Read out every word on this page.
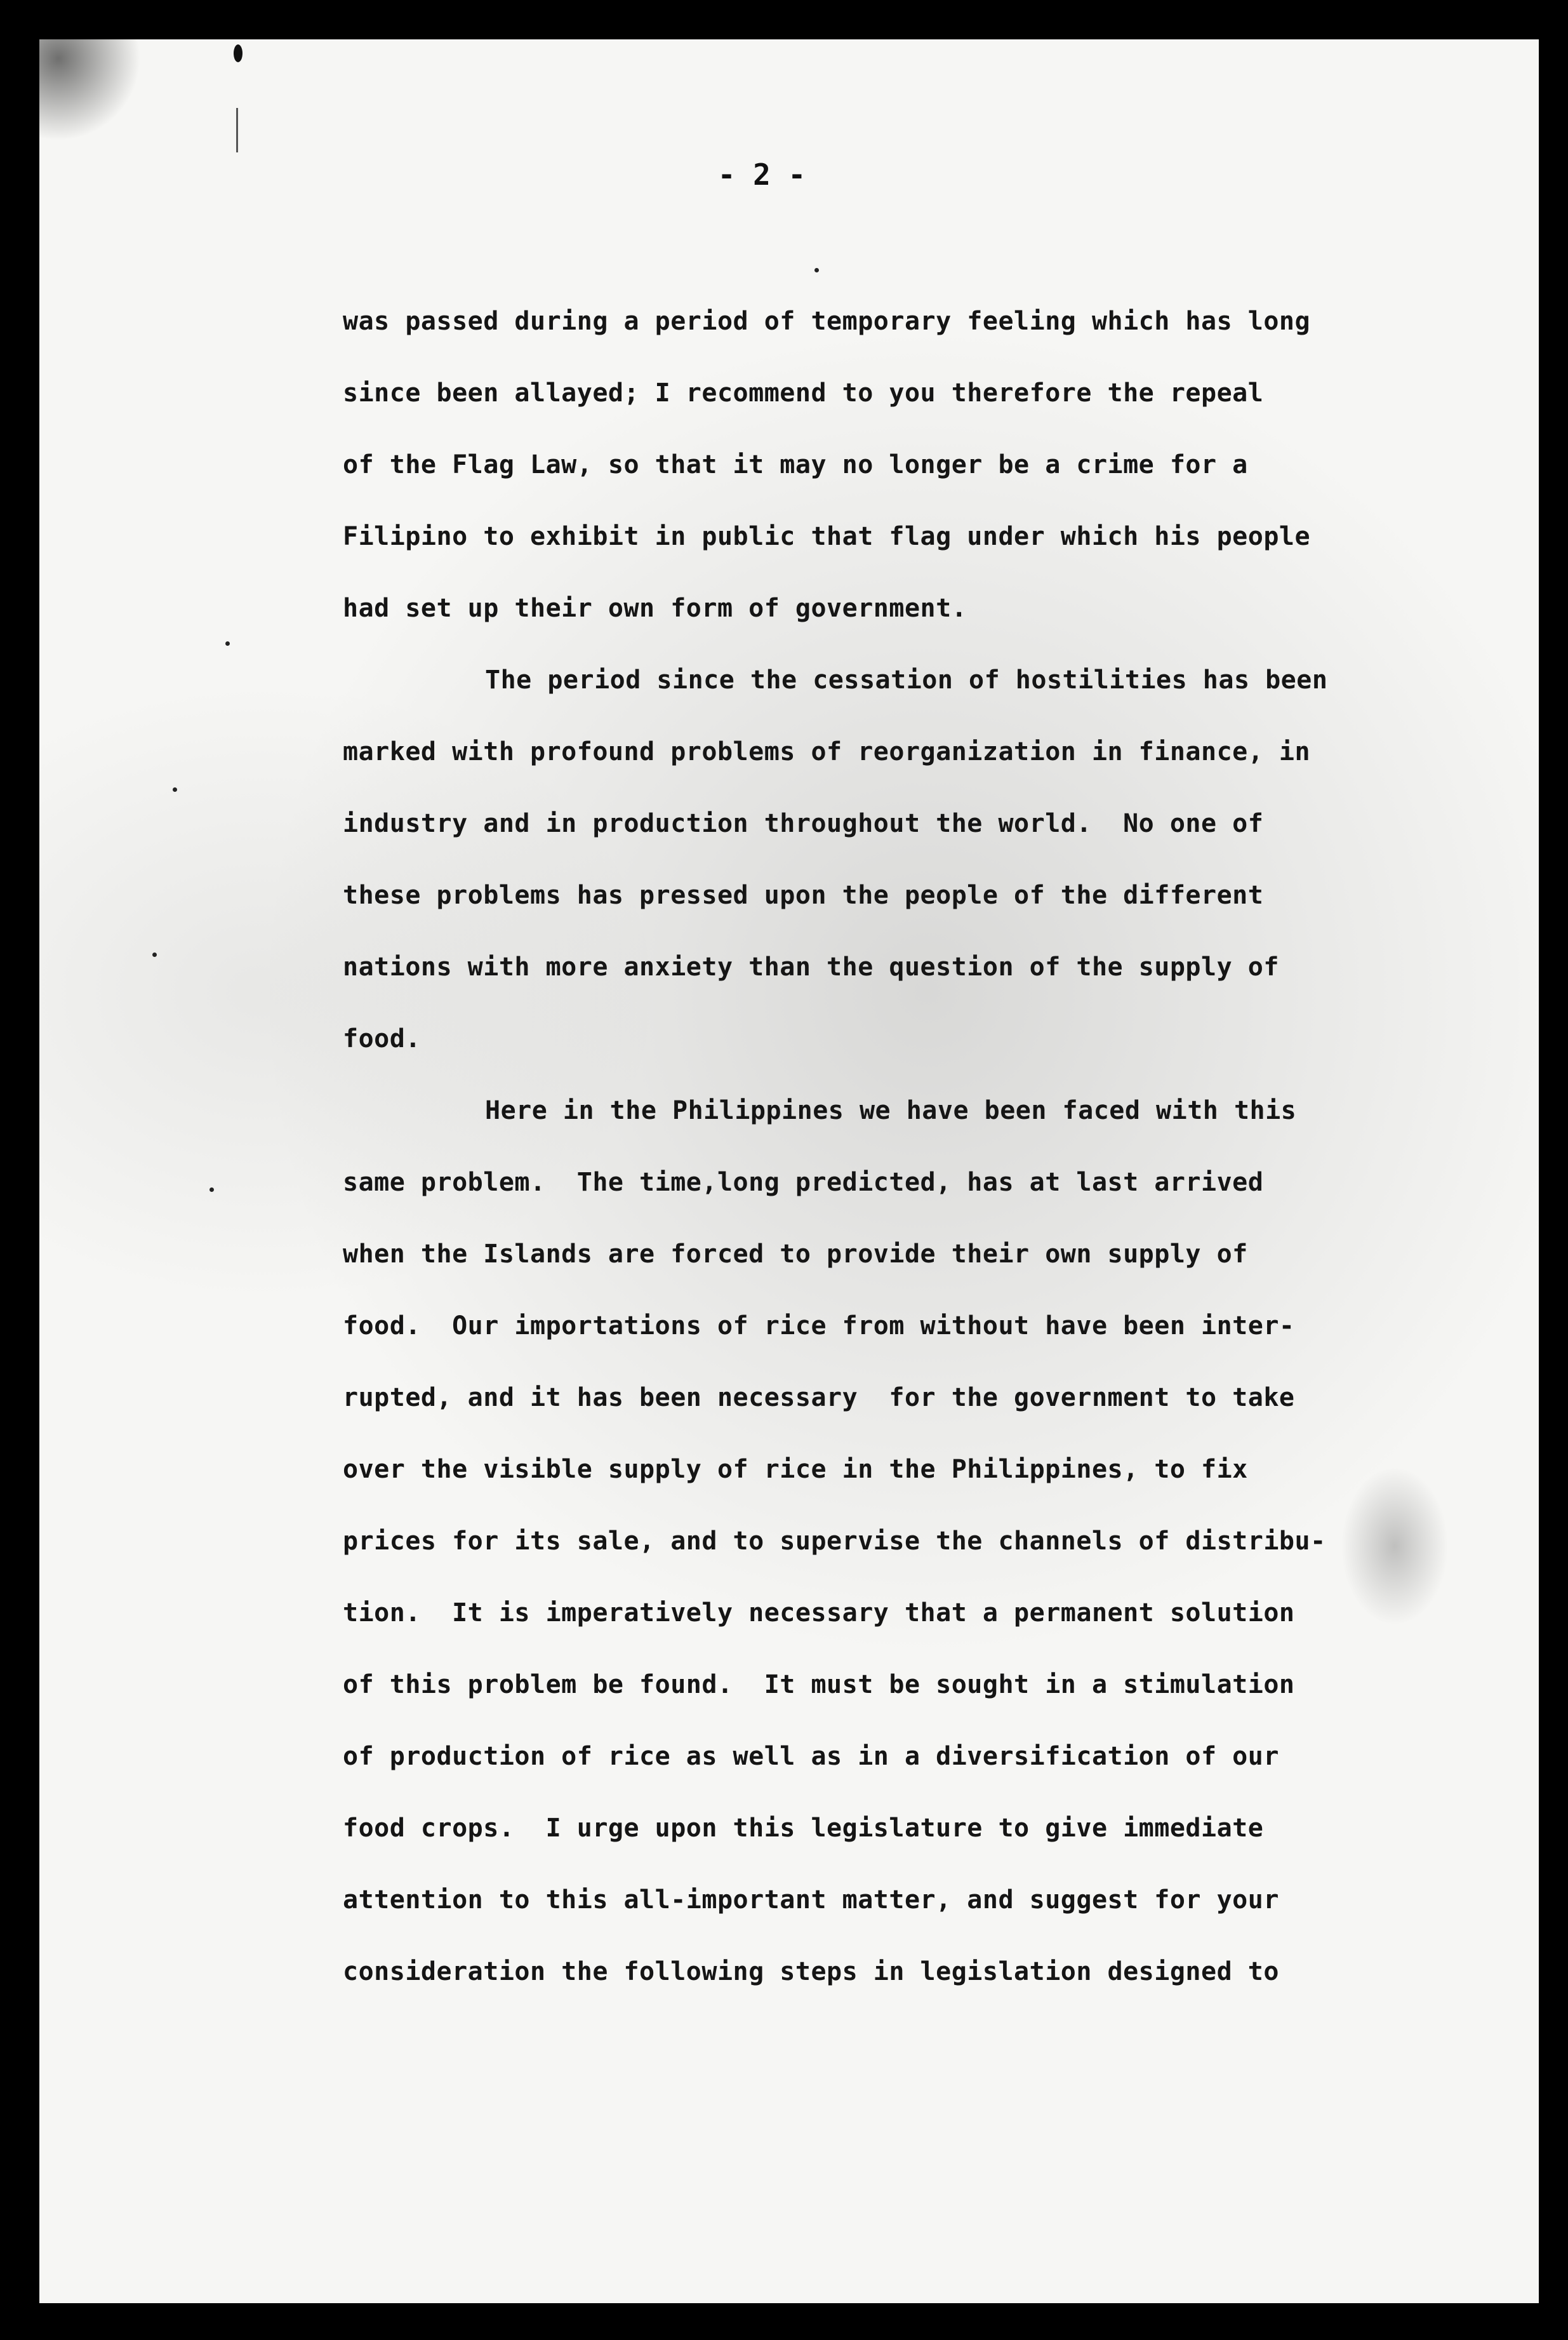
- 2 -
was passed during a period of temporary feeling which has long
since been allayed; I recommend to you therefore the repeal
of the Flag Law, so that it may no longer be a crime for a
Filipino to exhibit in public that flag under which his people
had set up their own form of government.
The period since the cessation of hostilities has been
marked with profound problems of reorganization in finance, in
industry and in production throughout the world.  No one of
these problems has pressed upon the people of the different
nations with more anxiety than the question of the supply of
food.
Here in the Philippines we have been faced with this
same problem.  The time,long predicted, has at last arrived
when the Islands are forced to provide their own supply of
food.  Our importations of rice from without have been inter-
rupted, and it has been necessary  for the government to take
over the visible supply of rice in the Philippines, to fix
prices for its sale, and to supervise the channels of distribu-
tion.  It is imperatively necessary that a permanent solution
of this problem be found.  It must be sought in a stimulation
of production of rice as well as in a diversification of our
food crops.  I urge upon this legislature to give immediate
attention to this all-important matter, and suggest for your
consideration the following steps in legislation designed to
